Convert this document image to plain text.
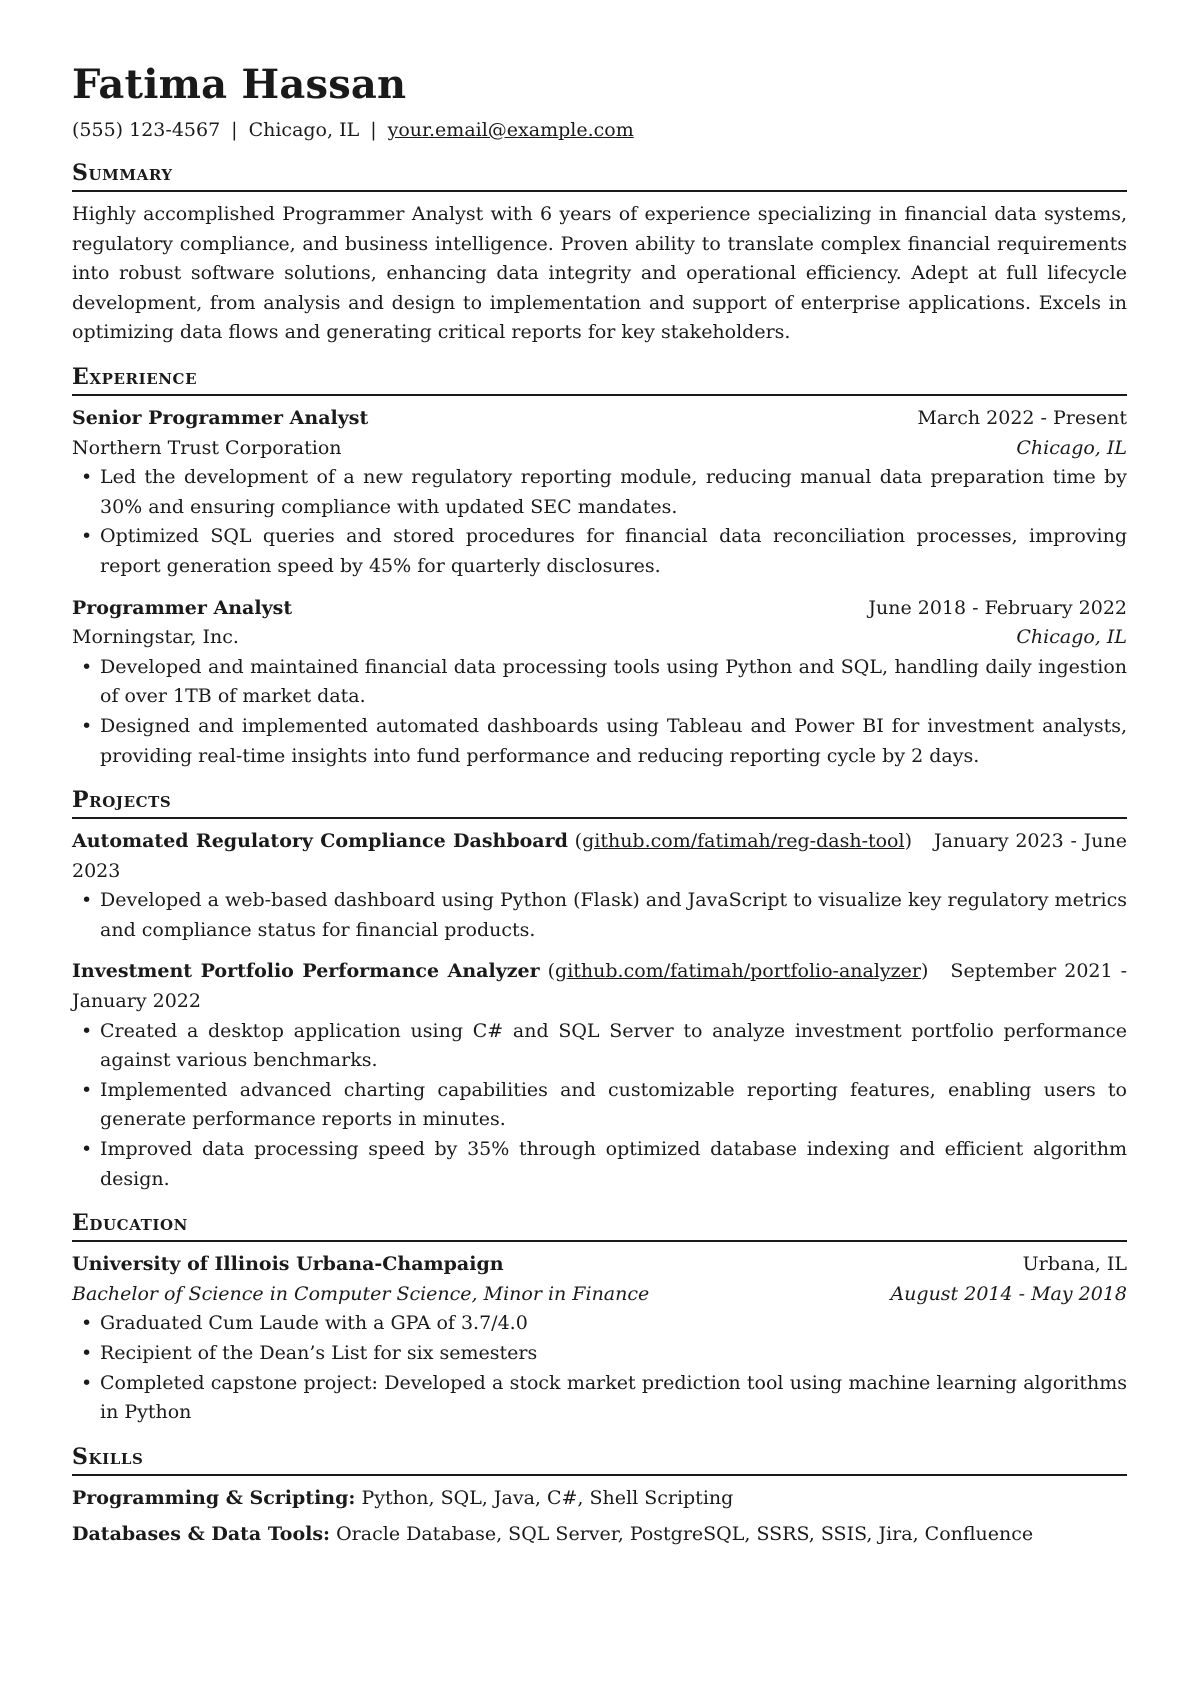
Fatima Hassan
(555) 123-4567 | Chicago, IL | your.email@example.com
Summary

Highly accomplished Programmer Analyst with 6 years of experience specializing in financial data systems, regulatory compliance, and business intelligence. Proven ability to translate complex financial requirements into robust software solutions, enhancing data integrity and operational efficiency. Adept at full lifecycle development, from analysis and design to implementation and support of enterprise applications. Excels in optimizing data flows and generating critical reports for key stakeholders.

Experience
Senior Programmer Analyst	March 2022 - Present
Northern Trust Corporation	Chicago, IL
• Led the development of a new regulatory reporting module, reducing manual data preparation time by 30% and ensuring compliance with updated SEC mandates.
• Optimized SQL queries and stored procedures for financial data reconciliation processes, improving report generation speed by 45% for quarterly disclosures.
Programmer Analyst	June 2018 - February 2022
Morningstar, Inc.	Chicago, IL
• Developed and maintained financial data processing tools using Python and SQL, handling daily ingestion of over 1TB of market data.
• Designed and implemented automated dashboards using Tableau and Power BI for investment analysts, providing real-time insights into fund performance and reducing reporting cycle by 2 days.
Projects
Automated Regulatory Compliance Dashboard (github.com/fatimah/reg-dash-tool) January 2023 - June 2023
• Developed a web-based dashboard using Python (Flask) and JavaScript to visualize key regulatory metrics and compliance status for financial products.
Investment Portfolio Performance Analyzer (github.com/fatimah/portfolio-analyzer) September 2021 - January 2022
• Created a desktop application using C# and SQL Server to analyze investment portfolio performance against various benchmarks.
• Implemented advanced charting capabilities and customizable reporting features, enabling users to generate performance reports in minutes.
• Improved data processing speed by 35% through optimized database indexing and efficient algorithm design.
Education
University of Illinois Urbana-Champaign	Urbana, IL
Bachelor of Science in Computer Science, Minor in Finance	August 2014 - May 2018
• Graduated Cum Laude with a GPA of 3.7/4.0
• Recipient of the Dean’s List for six semesters
• Completed capstone project: Developed a stock market prediction tool using machine learning algorithms in Python
Skills
Programming & Scripting: Python, SQL, Java, C#, Shell Scripting
Databases & Data Tools: Oracle Database, SQL Server, PostgreSQL, SSRS, SSIS, Jira, Confluence
